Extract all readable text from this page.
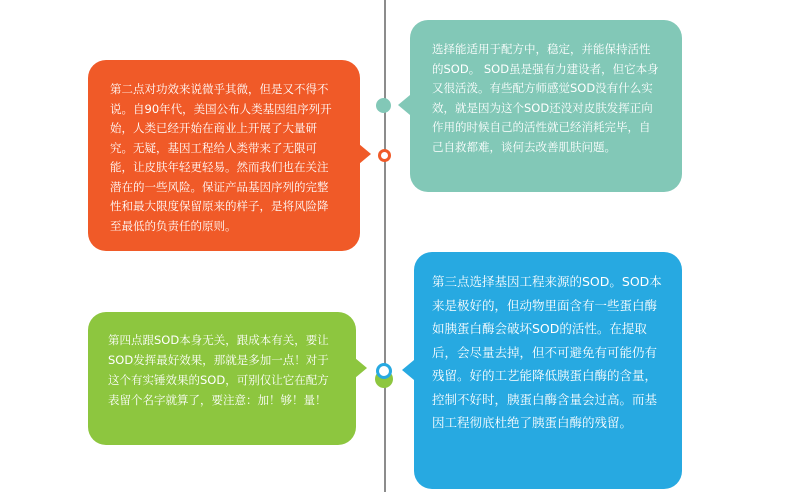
第二点对功效来说微乎其微，但是又不得不说。自90年代，美国公布人类基因组序列开始，人类已经开始在商业上开展了大量研究。无疑，基因工程给人类带来了无限可能，让皮肤年轻更轻易。然而我们也在关注潜在的一些风险。保证产品基因序列的完整性和最大限度保留原来的样子，是将风险降至最低的负责任的原则。

选择能适用于配方中，稳定，并能保持活性的SOD。 SOD虽是强有力建设者，但它本身又很活泼。有些配方师感觉SOD没有什么实效，就是因为这个SOD还没对皮肤发挥正向作用的时候自己的活性就已经消耗完毕，自己自救都难，谈何去改善肌肤问题。

第四点跟SOD本身无关，跟成本有关，要让SOD发挥最好效果，那就是多加一点！对于这个有实锤效果的SOD，可别仅让它在配方表留个名字就算了，要注意：加！够！量！

第三点选择基因工程来源的SOD。SOD本来是极好的，但动物里面含有一些蛋白酶如胰蛋白酶会破坏SOD的活性。在提取后，会尽量去掉，但不可避免有可能仍有残留。好的工艺能降低胰蛋白酶的含量，控制不好时，胰蛋白酶含量会过高。而基因工程彻底杜绝了胰蛋白酶的残留。
